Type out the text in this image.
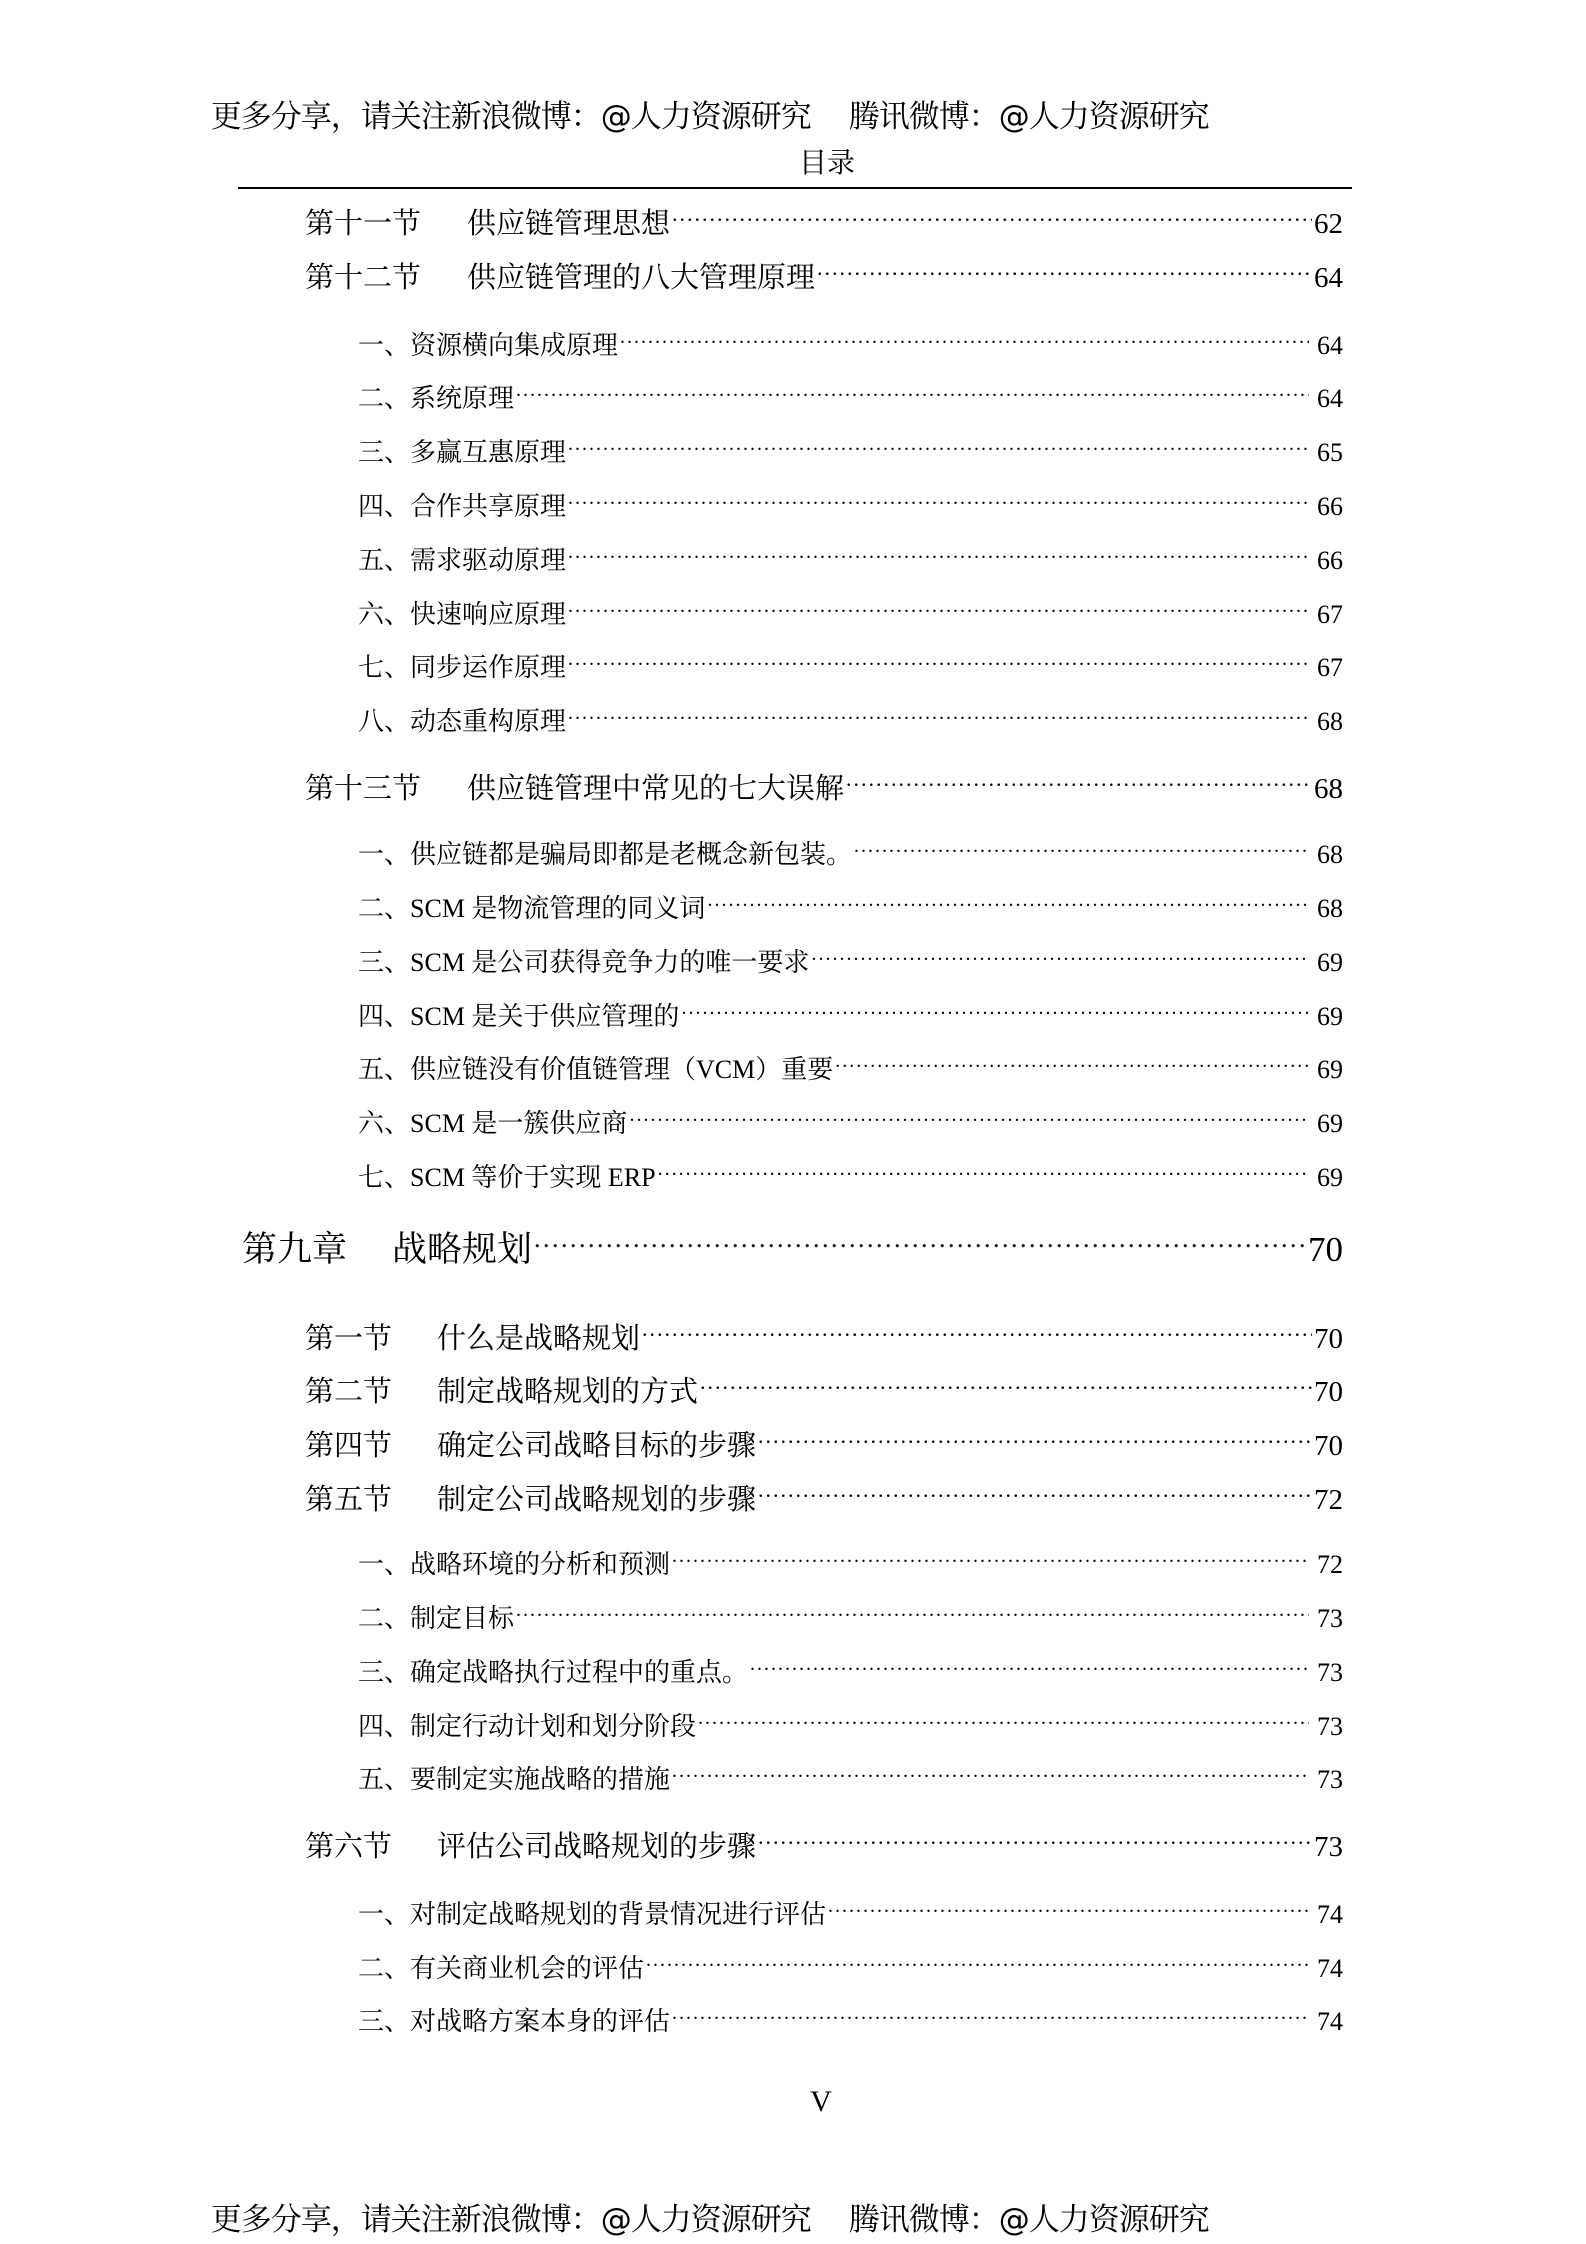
更多分享，请关注新浪微博：@人力资源研究 腾讯微博：@人力资源研究

目录
第十一节 供应链管理思想 .....	62
第十二节 供应链管理的八大管理原理 .....	64
一、资源横向集成原理 .....	64
二、系统原理 .....	64
三、多赢互惠原理 .....	65
四、合作共享原理 .....	66
五、需求驱动原理 .....	66
六、快速响应原理 .....	67
七、同步运作原理 .....	67
八、动态重构原理 .....	68
第十三节 供应链管理中常见的七大误解 .....	68
一、供应链都是骗局即都是老概念新包装。 .....	68
二、SCM 是物流管理的同义词 .....	68
三、SCM 是公司获得竞争力的唯一要求 .....	69
四、SCM 是关于供应管理的 .....	69
五、供应链没有价值链管理（VCM）重要 .....	69
六、SCM 是一簇供应商 .....	69
七、SCM 等价于实现 ERP .....	69
第九章 战略规划 .....	70
第一节 什么是战略规划 .....	70
第二节 制定战略规划的方式 .....	70
第四节 确定公司战略目标的步骤 .....	70
第五节 制定公司战略规划的步骤 .....	72
一、战略环境的分析和预测 .....	72
二、制定目标 .....	73
三、确定战略执行过程中的重点。 .....	73
四、制定行动计划和划分阶段 .....	73
五、要制定实施战略的措施 .....	73
第六节 评估公司战略规划的步骤 .....	73
一、对制定战略规划的背景情况进行评估 .....	74
二、有关商业机会的评估 .....	74
三、对战略方案本身的评估 .....	74
V

更多分享，请关注新浪微博：@人力资源研究 腾讯微博：@人力资源研究
